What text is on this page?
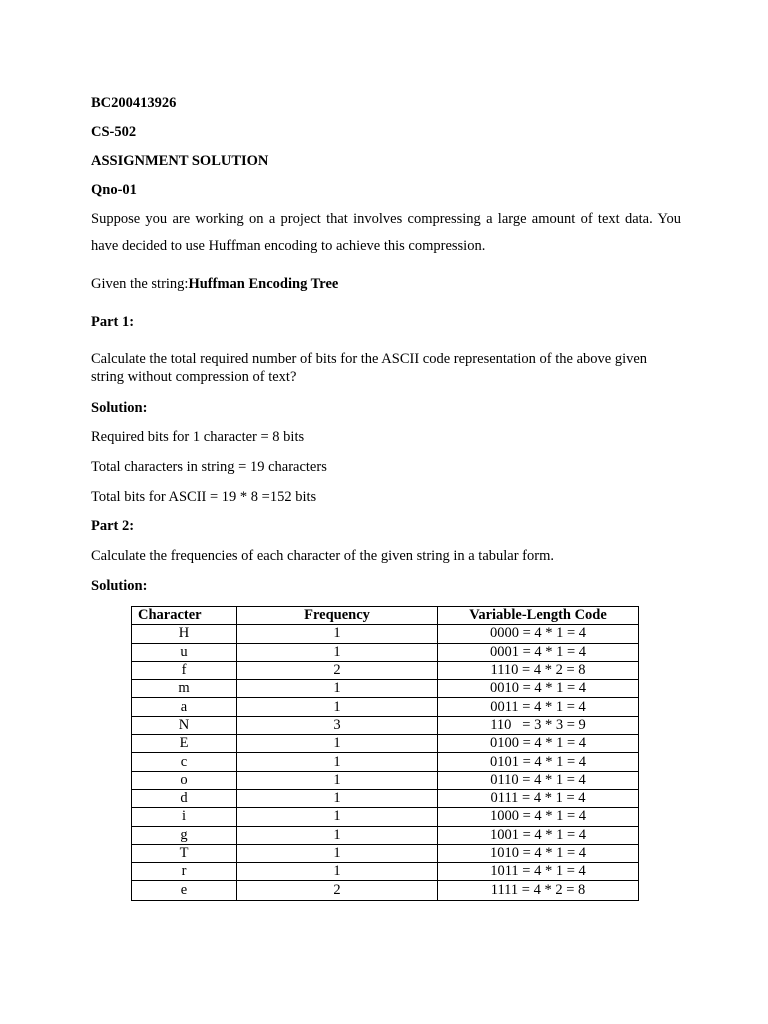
BC200413926
CS-502
ASSIGNMENT SOLUTION
Qno-01
Suppose you are working on a project that involves compressing a large amount of text data. You have decided to use Huffman encoding to achieve this compression.
Given the string:Huffman Encoding Tree
Part 1:
Calculate the total required number of bits for the ASCII code representation of the above given string without compression of text?
Solution:
Required bits for 1 character = 8 bits
Total characters in string = 19 characters
Total bits for ASCII = 19 * 8 =152 bits
Part 2:
Calculate the frequencies of each character of the given string in a tabular form.
Solution:
Character	Frequency	Variable-Length Code
H	1	0000 = 4 * 1 = 4
u	1	0001 = 4 * 1 = 4
f	2	1110 = 4 * 2 = 8
m	1	0010 = 4 * 1 = 4
a	1	0011 = 4 * 1 = 4
N	3	110   = 3 * 3 = 9
E	1	0100 = 4 * 1 = 4
c	1	0101 = 4 * 1 = 4
o	1	0110 = 4 * 1 = 4
d	1	0111 = 4 * 1 = 4
i	1	1000 = 4 * 1 = 4
g	1	1001 = 4 * 1 = 4
T	1	1010 = 4 * 1 = 4
r	1	1011 = 4 * 1 = 4
e	2	1111 = 4 * 2 = 8
